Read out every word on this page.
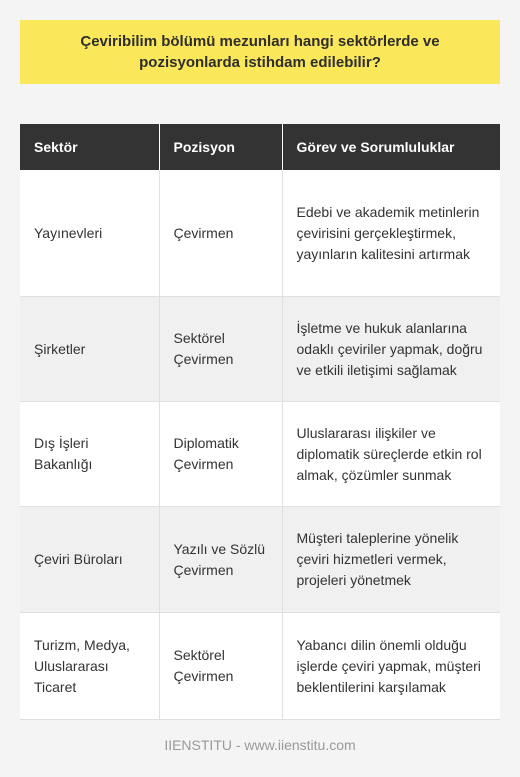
Çeviribilim bölümü mezunları hangi sektörlerde ve pozisyonlarda istihdam edilebilir?
Sektör	Pozisyon	Görev ve Sorumluluklar
Yayınevleri	Çevirmen	Edebi ve akademik metinlerin çevirisini gerçekleştirmek, yayınların kalitesini artırmak
Şirketler	Sektörel Çevirmen	İşletme ve hukuk alanlarına odaklı çeviriler yapmak, doğru ve etkili iletişimi sağlamak
Dış İşleri Bakanlığı	Diplomatik Çevirmen	Uluslararası ilişkiler ve diplomatik süreçlerde etkin rol almak, çözümler sunmak
Çeviri Büroları	Yazılı ve Sözlü Çevirmen	Müşteri taleplerine yönelik çeviri hizmetleri vermek, projeleri yönetmek
Turizm, Medya, Uluslararası Ticaret	Sektörel Çevirmen	Yabancı dilin önemli olduğu işlerde çeviri yapmak, müşteri beklentilerini karşılamak
IIENSTITU - www.iienstitu.com
